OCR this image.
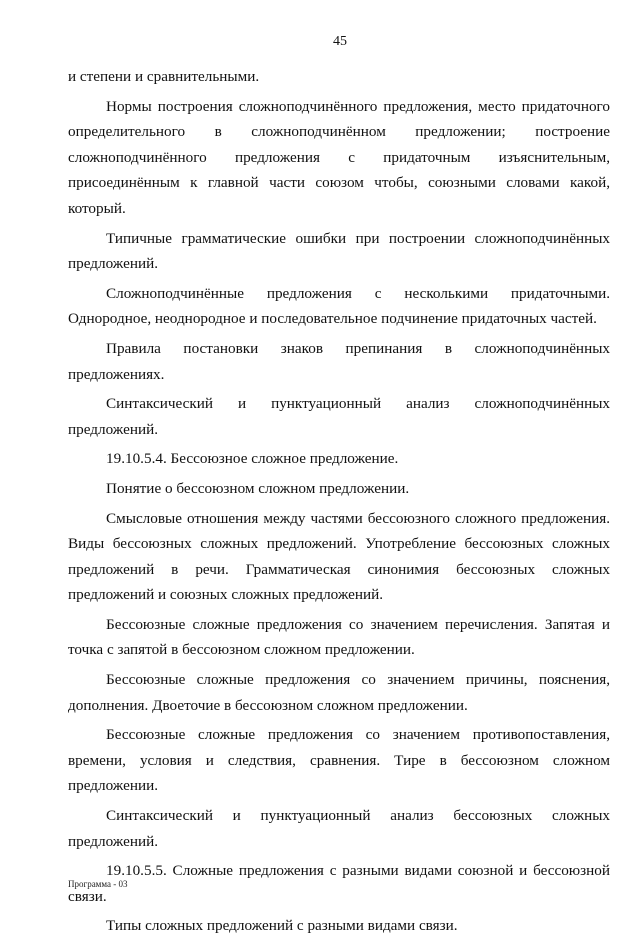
45

и степени и сравнительными.

Нормы построения сложноподчинённого предложения, место придаточного определительного в сложноподчинённом предложении; построение сложноподчинённого предложения с придаточным изъяснительным, присоединённым к главной части союзом чтобы, союзными словами какой, который.

Типичные грамматические ошибки при построении сложноподчинённых предложений.

Сложноподчинённые предложения с несколькими придаточными. Однородное, неоднородное и последовательное подчинение придаточных частей.

Правила постановки знаков препинания в сложноподчинённых предложениях.

Синтаксический и пунктуационный анализ сложноподчинённых предложений.

19.10.5.4. Бессоюзное сложное предложение.

Понятие о бессоюзном сложном предложении.

Смысловые отношения между частями бессоюзного сложного предложения. Виды бессоюзных сложных предложений. Употребление бессоюзных сложных предложений в речи. Грамматическая синонимия бессоюзных сложных предложений и союзных сложных предложений.

Бессоюзные сложные предложения со значением перечисления. Запятая и точка с запятой в бессоюзном сложном предложении.

Бессоюзные сложные предложения со значением причины, пояснения, дополнения. Двоеточие в бессоюзном сложном предложении.

Бессоюзные сложные предложения со значением противопоставления, времени, условия и следствия, сравнения. Тире в бессоюзном сложном предложении.

Синтаксический и пунктуационный анализ бессоюзных сложных предложений.

19.10.5.5. Сложные предложения с разными видами союзной и бессоюзной связи.

Типы сложных предложений с разными видами связи.

Программа - 03
